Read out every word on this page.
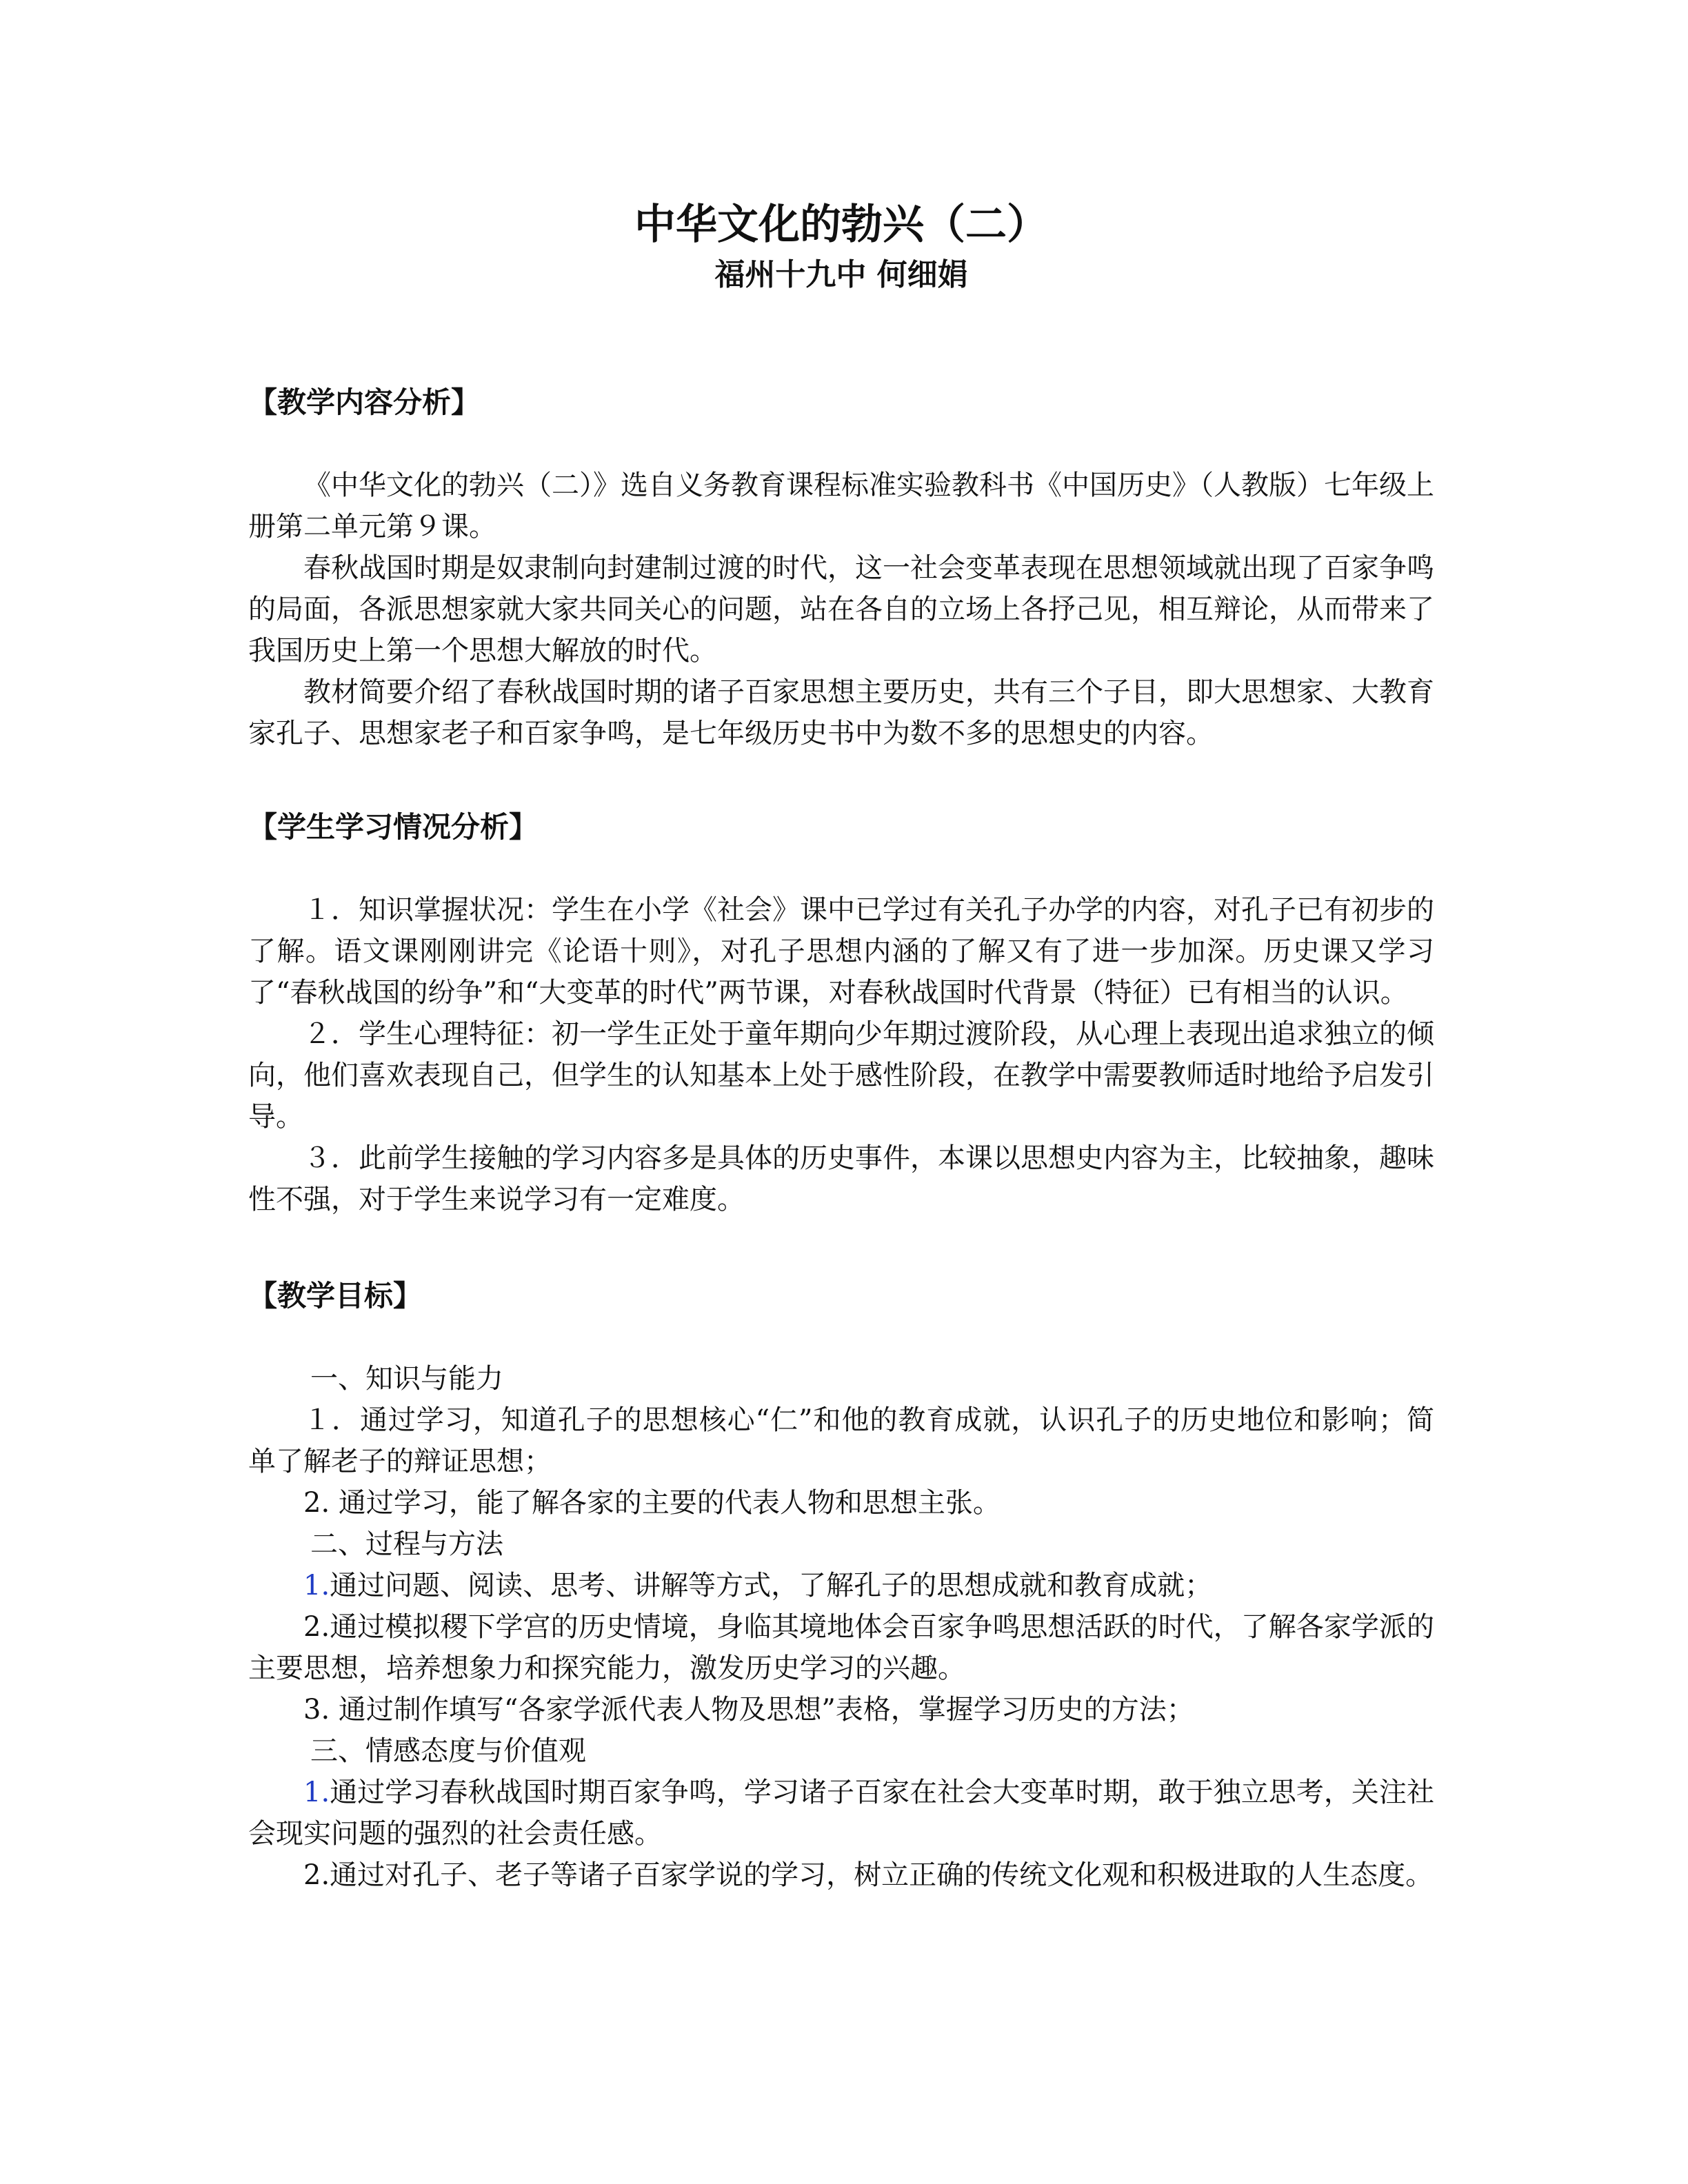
中华文化的勃兴（二）
福州十九中 何细娟

【教学内容分析】

《中华文化的勃兴（二）》选自义务教育课程标准实验教科书《中国历史》（人教版）七年级上册第二单元第９课。

春秋战国时期是奴隶制向封建制过渡的时代，这一社会变革表现在思想领域就出现了百家争鸣的局面，各派思想家就大家共同关心的问题，站在各自的立场上各抒己见，相互辩论，从而带来了我国历史上第一个思想大解放的时代。

教材简要介绍了春秋战国时期的诸子百家思想主要历史，共有三个子目，即大思想家、大教育家孔子、思想家老子和百家争鸣，是七年级历史书中为数不多的思想史的内容。

【学生学习情况分析】

１．知识掌握状况：学生在小学《社会》课中已学过有关孔子办学的内容，对孔子已有初步的了解。语文课刚刚讲完《论语十则》，对孔子思想内涵的了解又有了进一步加深。历史课又学习了“春秋战国的纷争”和“大变革的时代”两节课，对春秋战国时代背景（特征）已有相当的认识。

２．学生心理特征：初一学生正处于童年期向少年期过渡阶段，从心理上表现出追求独立的倾向，他们喜欢表现自己，但学生的认知基本上处于感性阶段，在教学中需要教师适时地给予启发引导。

３．此前学生接触的学习内容多是具体的历史事件，本课以思想史内容为主，比较抽象，趣味性不强，对于学生来说学习有一定难度。

【教学目标】

一、知识与能力

１．通过学习，知道孔子的思想核心“仁”和他的教育成就，认识孔子的历史地位和影响；简单了解老子的辩证思想；

2. 通过学习，能了解各家的主要的代表人物和思想主张。

二、过程与方法

1.通过问题、阅读、思考、讲解等方式，了解孔子的思想成就和教育成就；

2.通过模拟稷下学宫的历史情境，身临其境地体会百家争鸣思想活跃的时代，了解各家学派的主要思想，培养想象力和探究能力，激发历史学习的兴趣。

3. 通过制作填写“各家学派代表人物及思想”表格，掌握学习历史的方法；

三、情感态度与价值观

1.通过学习春秋战国时期百家争鸣，学习诸子百家在社会大变革时期，敢于独立思考，关注社会现实问题的强烈的社会责任感。

2.通过对孔子、老子等诸子百家学说的学习，树立正确的传统文化观和积极进取的人生态度。
